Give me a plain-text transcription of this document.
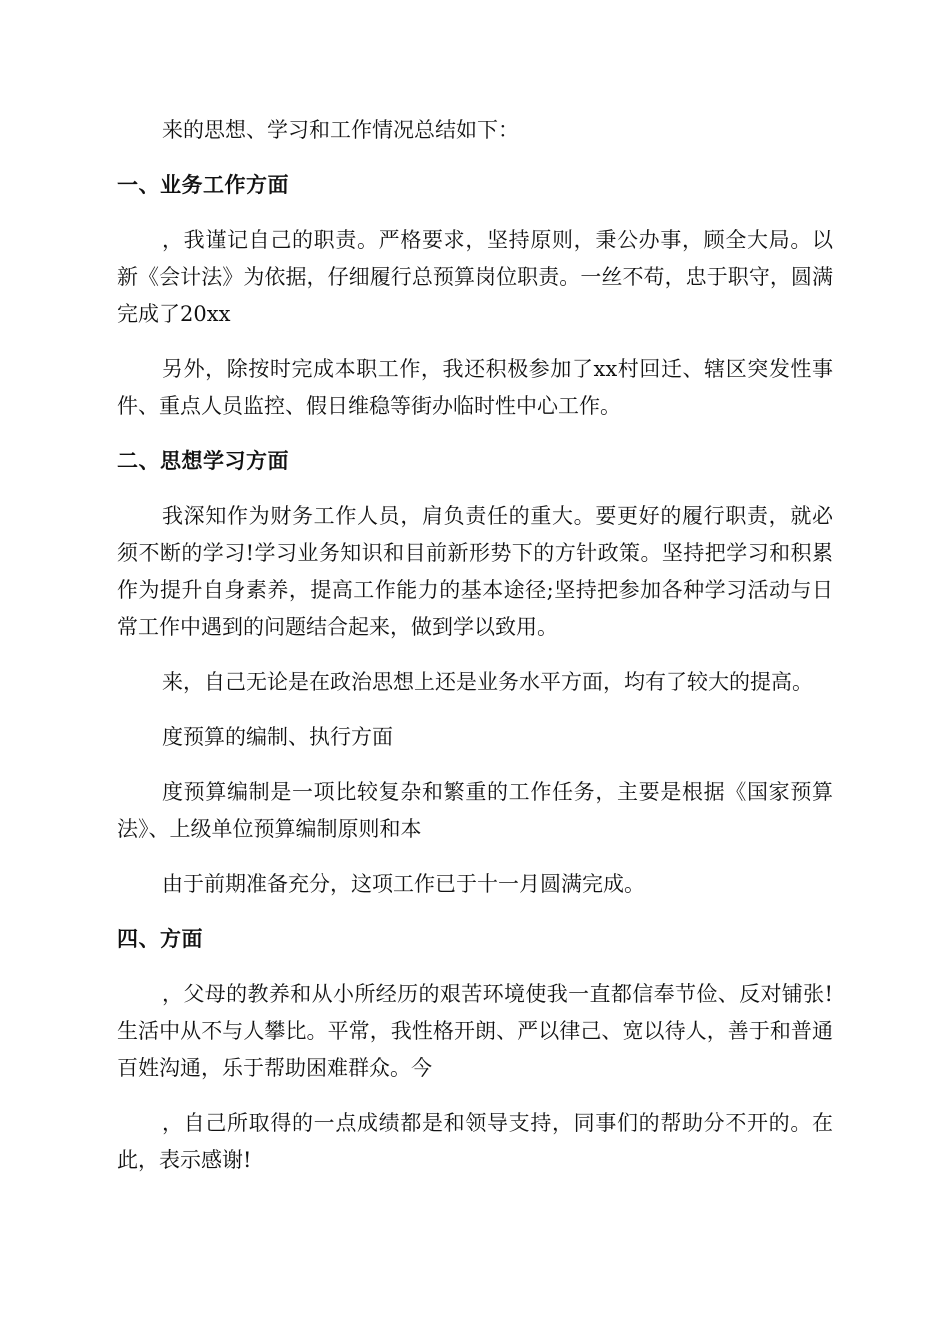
来的思想、学习和工作情况总结如下：

一、业务工作方面

，我谨记自己的职责。严格要求，坚持原则，秉公办事，顾全大局。以新《会计法》为依据，仔细履行总预算岗位职责。一丝不苟，忠于职守，圆满完成了20xx

另外，除按时完成本职工作，我还积极参加了xx村回迁、辖区突发性事件、重点人员监控、假日维稳等街办临时性中心工作。

二、思想学习方面

我深知作为财务工作人员，肩负责任的重大。要更好的履行职责，就必须不断的学习!学习业务知识和目前新形势下的方针政策。坚持把学习和积累作为提升自身素养，提高工作能力的基本途径;坚持把参加各种学习活动与日常工作中遇到的问题结合起来，做到学以致用。

来，自己无论是在政治思想上还是业务水平方面，均有了较大的提高。

度预算的编制、执行方面

度预算编制是一项比较复杂和繁重的工作任务，主要是根据《国家预算法》、上级单位预算编制原则和本

由于前期准备充分，这项工作已于十一月圆满完成。

四、方面

，父母的教养和从小所经历的艰苦环境使我一直都信奉节俭、反对铺张!生活中从不与人攀比。平常，我性格开朗、严以律己、宽以待人，善于和普通百姓沟通，乐于帮助困难群众。今

，自己所取得的一点成绩都是和领导支持，同事们的帮助分不开的。在此，表示感谢!
